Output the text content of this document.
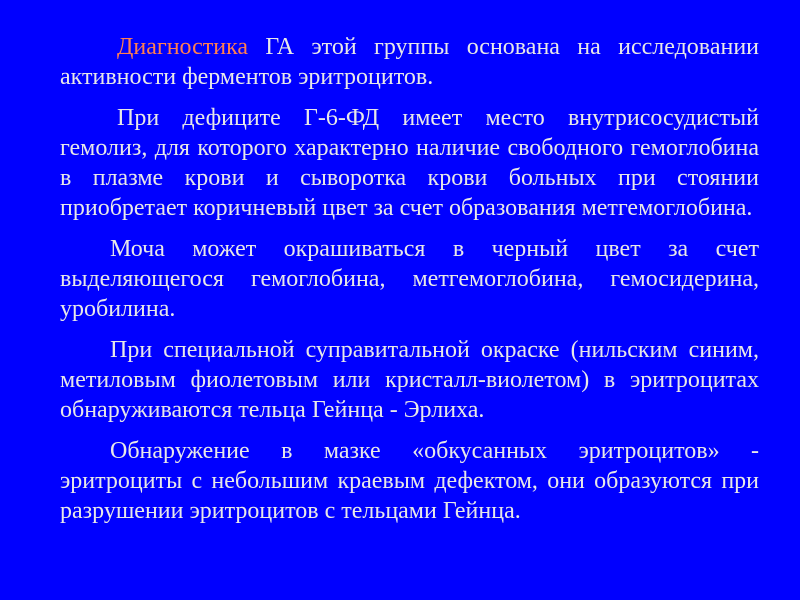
Диагностика ГА этой группы основана на исследовании активности ферментов эритроцитов.

При дефиците Г-6-ФД имеет место внутрисосудистый гемолиз, для которого характерно наличие свободного гемоглобина в плазме крови и сыворотка крови больных при стоянии приобретает коричневый цвет за счет образования метгемоглобина.

Моча может окрашиваться в черный цвет за счет выделяющегося гемоглобина, метгемоглобина, гемосидерина, уробилина.

При специальной суправитальной окраске (нильским синим, метиловым фиолетовым или кристалл-виолетом) в эритроцитах обнаруживаются тельца Гейнца - Эрлиха.

Обнаружение в мазке «обкусанных эритроцитов» - эритроциты с небольшим краевым дефектом, они образуются при разрушении эритроцитов с тельцами Гейнца.
